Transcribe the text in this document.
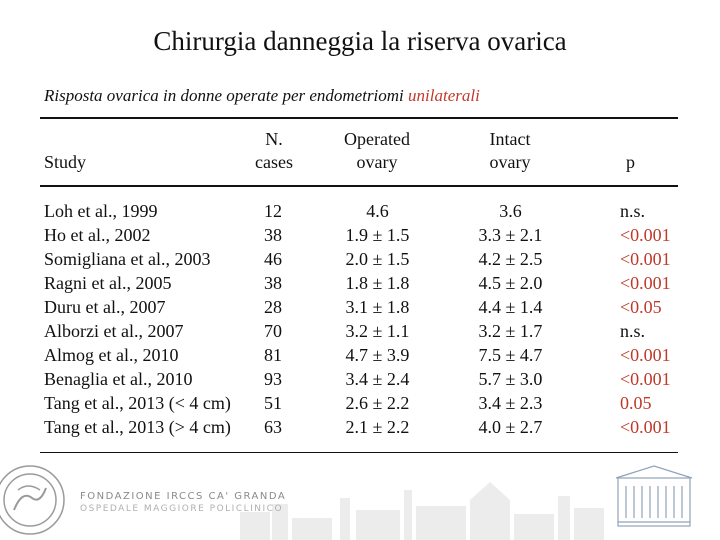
Chirurgia danneggia la riserva ovarica
Risposta ovarica in donne operate per endometriomi unilaterali
Study
N.
cases
Operated
ovary
Intact
ovary	p
Loh et al., 1999
Ho et al., 2002
Somigliana et al., 2003
Ragni et al., 2005
Duru et al., 2007
Alborzi et al., 2007
Almog et al., 2010
Benaglia et al., 2010
Tang et al., 2013 (< 4 cm)
Tang et al., 2013 (> 4 cm)
12
38
46
38
28
70
81
93
51
63
4.6
1.9 ± 1.5
2.0 ± 1.5
1.8 ± 1.8
3.1 ± 1.8
3.2 ± 1.1
4.7 ± 3.9
3.4 ± 2.4
2.6 ± 2.2
2.1 ± 2.2
3.6
3.3 ± 2.1
4.2 ± 2.5
4.5 ± 2.0
4.4 ± 1.4
3.2 ± 1.7
7.5 ± 4.7
5.7 ± 3.0
3.4 ± 2.3
4.0 ± 2.7
n.s.
<0.001
<0.001
<0.001
<0.05
n.s.
<0.001
<0.001
0.05
<0.001
FONDAZIONE IRCCS CA' GRANDA
OSPEDALE MAGGIORE POLICLINICO
